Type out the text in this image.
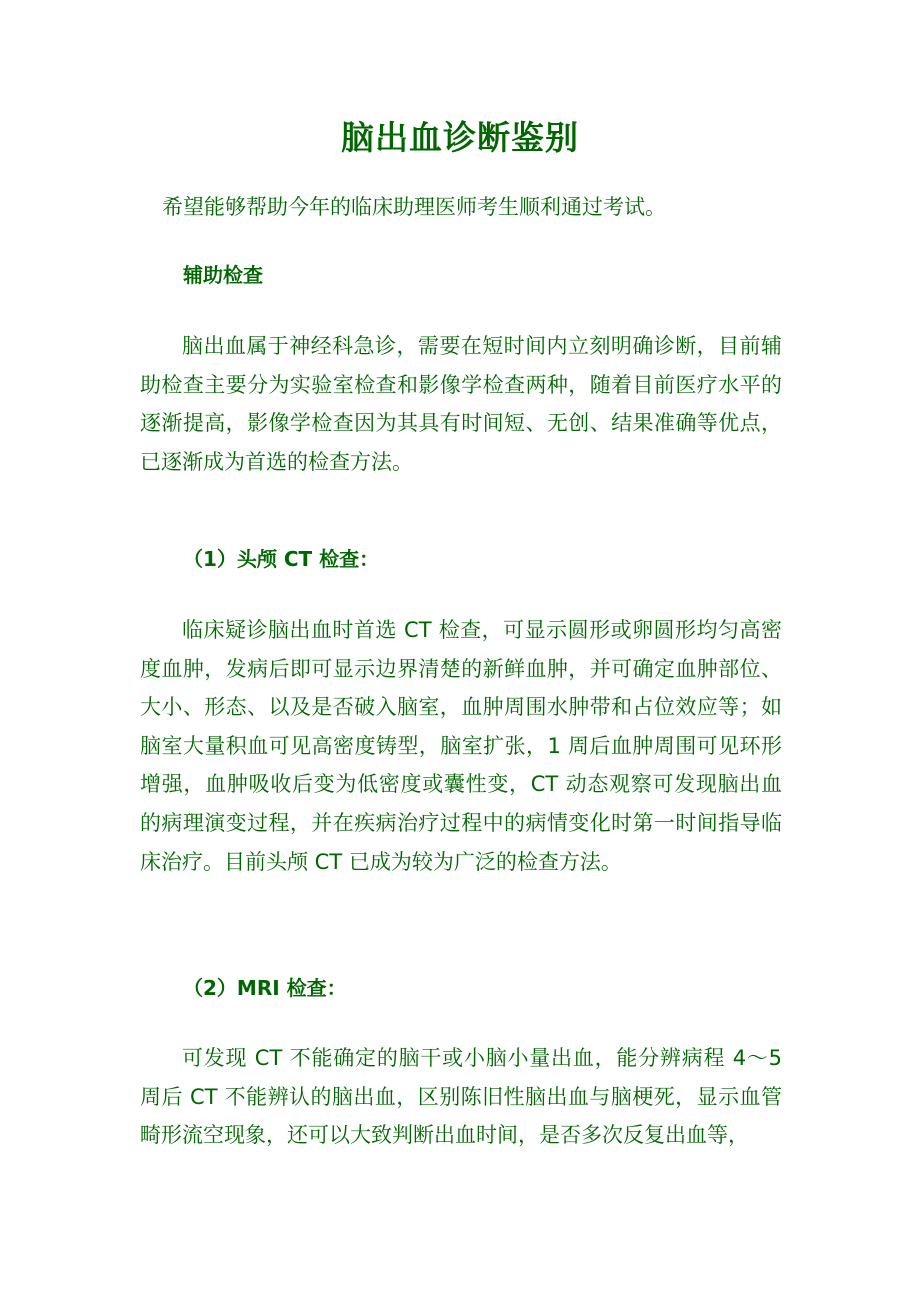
脑出血诊断鉴别
希望能够帮助今年的临床助理医师考生顺利通过考试。
辅助检查
脑出血属于神经科急诊，需要在短时间内立刻明确诊断，目前辅助检查主要分为实验室检查和影像学检查两种，随着目前医疗水平的逐渐提高，影像学检查因为其具有时间短、无创、结果准确等优点，已逐渐成为首选的检查方法。
（1）头颅 CT 检查：
临床疑诊脑出血时首选 CT 检查，可显示圆形或卵圆形均匀高密度血肿，发病后即可显示边界清楚的新鲜血肿，并可确定血肿部位、大小、形态、以及是否破入脑室，血肿周围水肿带和占位效应等；如脑室大量积血可见高密度铸型，脑室扩张，1 周后血肿周围可见环形增强，血肿吸收后变为低密度或囊性变，CT 动态观察可发现脑出血的病理演变过程，并在疾病治疗过程中的病情变化时第一时间指导临床治疗。目前头颅 CT 已成为较为广泛的检查方法。
（2）MRI 检查：
可发现 CT 不能确定的脑干或小脑小量出血，能分辨病程 4～5 周后 CT 不能辨认的脑出血，区别陈旧性脑出血与脑梗死，显示血管畸形流空现象，还可以大致判断出血时间，是否多次反复出血等，
